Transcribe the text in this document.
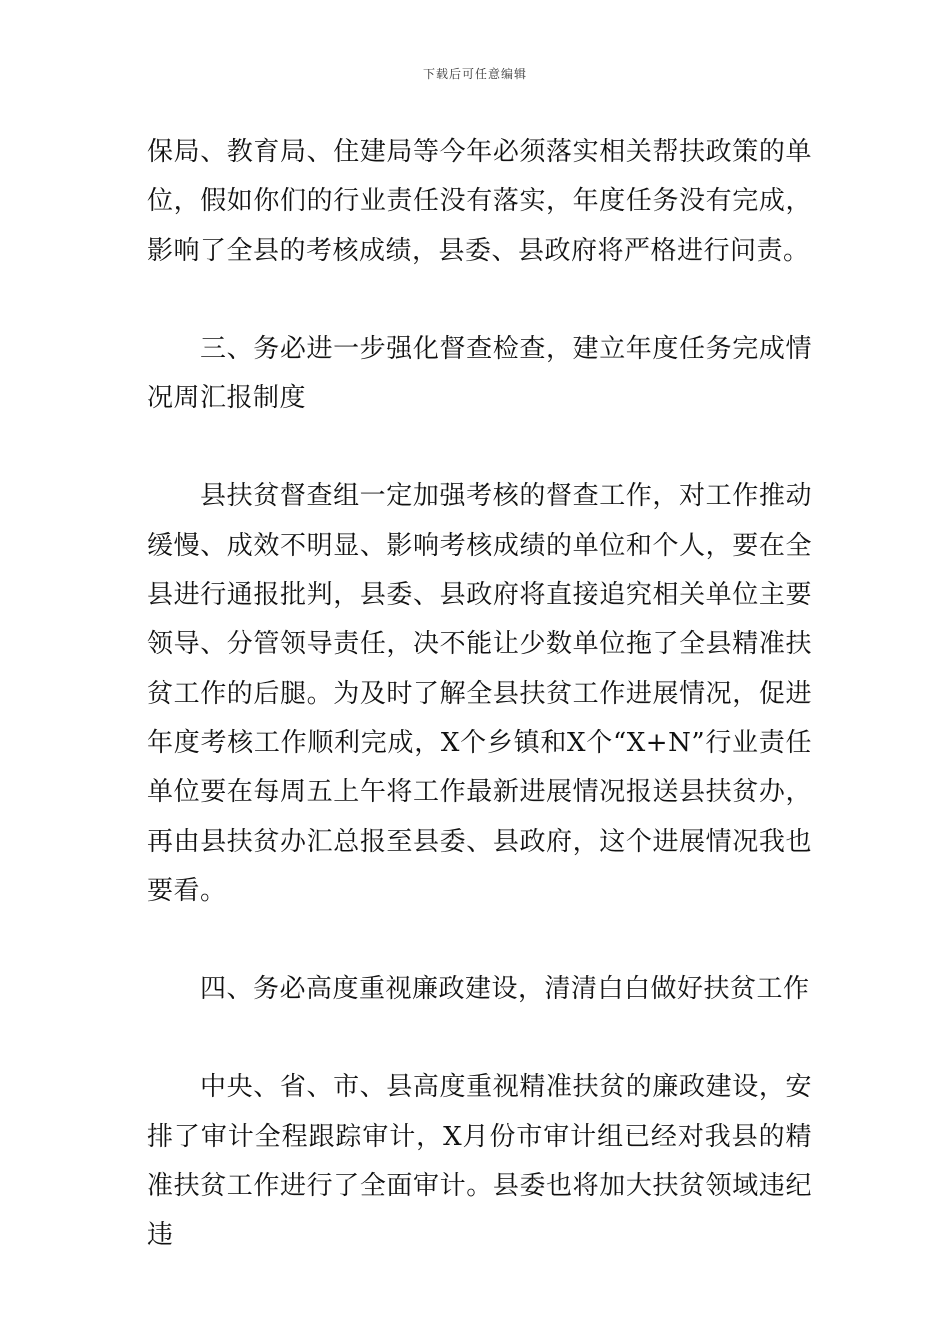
下载后可任意编辑

保局、教育局、住建局等今年必须落实相关帮扶政策的单位，假如你们的行业责任没有落实，年度任务没有完成，影响了全县的考核成绩，县委、县政府将严格进行问责。

三、务必进一步强化督查检查，建立年度任务完成情况周汇报制度

县扶贫督查组一定加强考核的督查工作，对工作推动缓慢、成效不明显、影响考核成绩的单位和个人，要在全县进行通报批判，县委、县政府将直接追究相关单位主要领导、分管领导责任，决不能让少数单位拖了全县精准扶贫工作的后腿。为及时了解全县扶贫工作进展情况，促进年度考核工作顺利完成，X个乡镇和X个“X+N”行业责任单位要在每周五上午将工作最新进展情况报送县扶贫办，再由县扶贫办汇总报至县委、县政府，这个进展情况我也要看。

四、务必高度重视廉政建设，清清白白做好扶贫工作

中央、省、市、县高度重视精准扶贫的廉政建设，安排了审计全程跟踪审计，X月份市审计组已经对我县的精准扶贫工作进行了全面审计。县委也将加大扶贫领域违纪违
